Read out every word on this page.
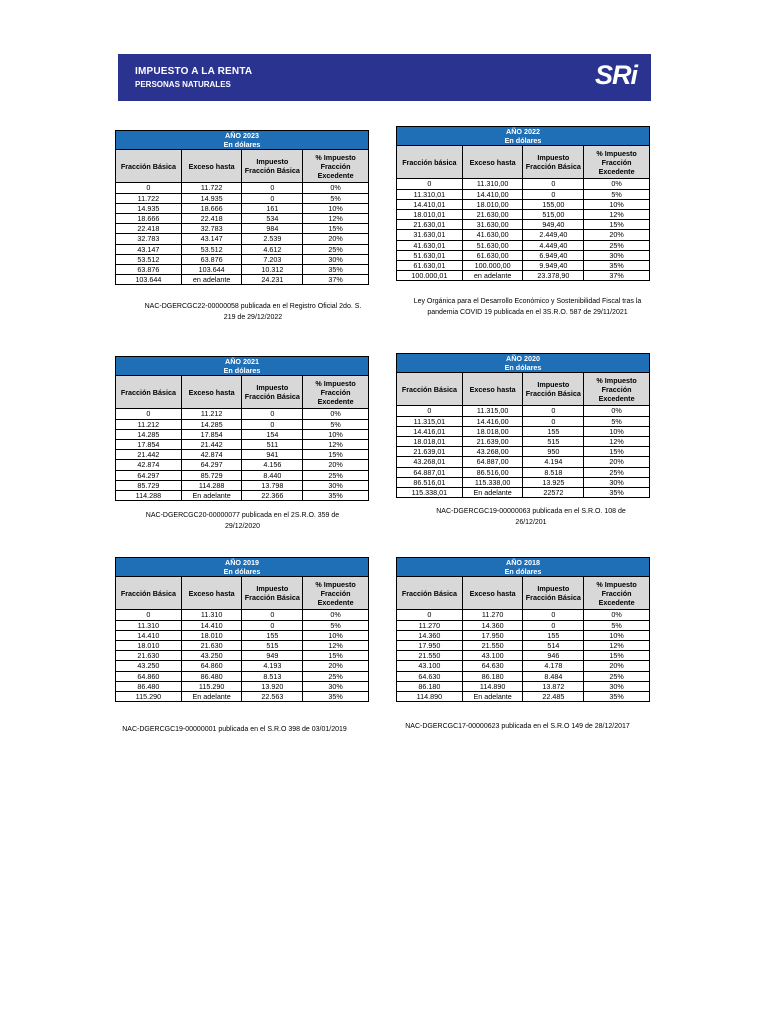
IMPUESTO A LA RENTA
PERSONAS NATURALES	SRi
AÑO 2023
En dólares			

Fracción Básica	Exceso hasta	Impuesto Fracción Básica	% Impuesto Fracción Excedente
0	11.722	0	0%
11.722	14.935	0	5%
14.935	18.666	161	10%
18.666	22.418	534	12%
22.418	32.783	984	15%
32.783	43.147	2.539	20%
43.147	53.512	4.612	25%
53.512	63.876	7.203	30%
63.876	103.644	10.312	35%
103.644	en adelante	24.231	37%
AÑO 2022
En dólares			

Fracción básica	Exceso hasta	Impuesto Fracción Básica	% Impuesto Fracción Excedente
0	11.310,00	0	0%
11.310,01	14.410,00	0	5%
14.410,01	18.010,00	155,00	10%
18.010,01	21.630,00	515,00	12%
21.630,01	31.630,00	949,40	15%
31.630,01	41.630,00	2.449,40	20%
41.630,01	51.630,00	4.449,40	25%
51.630,01	61.630,00	6.949,40	30%
61.630,01	100.000,00	9.949,40	35%
100.000,01	en adelante	23.378,90	37%
AÑO 2021
En dólares			

Fracción Básica	Exceso hasta	Impuesto Fracción Básica	% Impuesto Fracción Excedente
0	11.212	0	0%
11.212	14.285	0	5%
14.285	17.854	154	10%
17.854	21.442	511	12%
21.442	42.874	941	15%
42.874	64.297	4.156	20%
64.297	85.729	8.440	25%
85.729	114.288	13.798	30%
114.288	En adelante	22.366	35%
AÑO 2020
En dólares			

Fracción Básica	Exceso hasta	Impuesto Fracción Básica	% Impuesto Fracción Excedente
0	11.315,00	0	0%
11.315,01	14.416,00	0	5%
14.416,01	18.018,00	155	10%
18.018,01	21.639,00	515	12%
21.639,01	43.268,00	950	15%
43.268,01	64.887,00	4.194	20%
64.887,01	86.516,00	8.518	25%
86.516,01	115.338,00	13.925	30%
115.338,01	En adelante	22572	35%
AÑO 2019
En dólares			

Fracción Básica	Exceso hasta	Impuesto Fracción Básica	% Impuesto Fracción Excedente
0	11.310	0	0%
11.310	14.410	0	5%
14.410	18.010	155	10%
18.010	21.630	515	12%
21.630	43.250	949	15%
43.250	64.860	4.193	20%
64.860	86.480	8.513	25%
86.480	115.290	13.920	30%
115.290	En adelante	22.563	35%
AÑO 2018
En dólares			

Fracción Básica	Exceso hasta	Impuesto Fracción Básica	% Impuesto Fracción Excedente
0	11.270	0	0%
11.270	14.360	0	5%
14.360	17.950	155	10%
17.950	21.550	514	12%
21.550	43.100	946	15%
43.100	64.630	4.178	20%
64.630	86.180	8.484	25%
86.180	114.890	13.872	30%
114.890	En adelante	22.485	35%
NAC-DGERCGC22-00000058 publicada en el Registro Oficial 2do. S. 219 de 29/12/2022
Ley Orgánica para el Desarrollo Económico y Sostenibilidad Fiscal tras la pandemia COVID 19 publicada en el 3S.R.O. 587 de 29/11/2021
NAC-DGERCGC20-00000077 publicada en el 2S.R.O. 359 de 29/12/2020
NAC-DGERCGC19-00000063 publicada en el S.R.O. 108 de 26/12/201
NAC-DGERCGC19-00000001 publicada en el S.R.O 398 de 03/01/2019	NAC-DGERCGC17-00000623 publicada en el S.R.O 149 de 28/12/2017
